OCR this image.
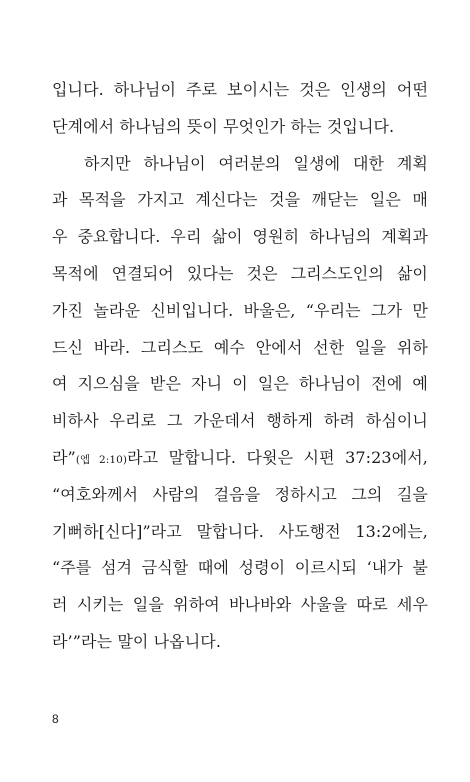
입니다. 하나님이 주로 보이시는 것은 인생의 어떤
단계에서 하나님의 뜻이 무엇인가 하는 것입니다.
하지만 하나님이 여러분의 일생에 대한 계획
과 목적을 가지고 계신다는 것을 깨닫는 일은 매
우 중요합니다. 우리 삶이 영원히 하나님의 계획과
목적에 연결되어 있다는 것은 그리스도인의 삶이
가진 놀라운 신비입니다. 바울은, “우리는 그가 만
드신 바라. 그리스도 예수 안에서 선한 일을 위하
여 지으심을 받은 자니 이 일은 하나님이 전에 예
비하사 우리로 그 가운데서 행하게 하려 하심이니
라”(엡 2:10)라고 말합니다. 다윗은 시편 37:23에서,
“여호와께서 사람의 걸음을 정하시고 그의 길을
기뻐하[신다]”라고 말합니다. 사도행전 13:2에는,
“주를 섬겨 금식할 때에 성령이 이르시되 ‘내가 불
러 시키는 일을 위하여 바나바와 사울을 따로 세우
라’”라는 말이 나옵니다.
8
